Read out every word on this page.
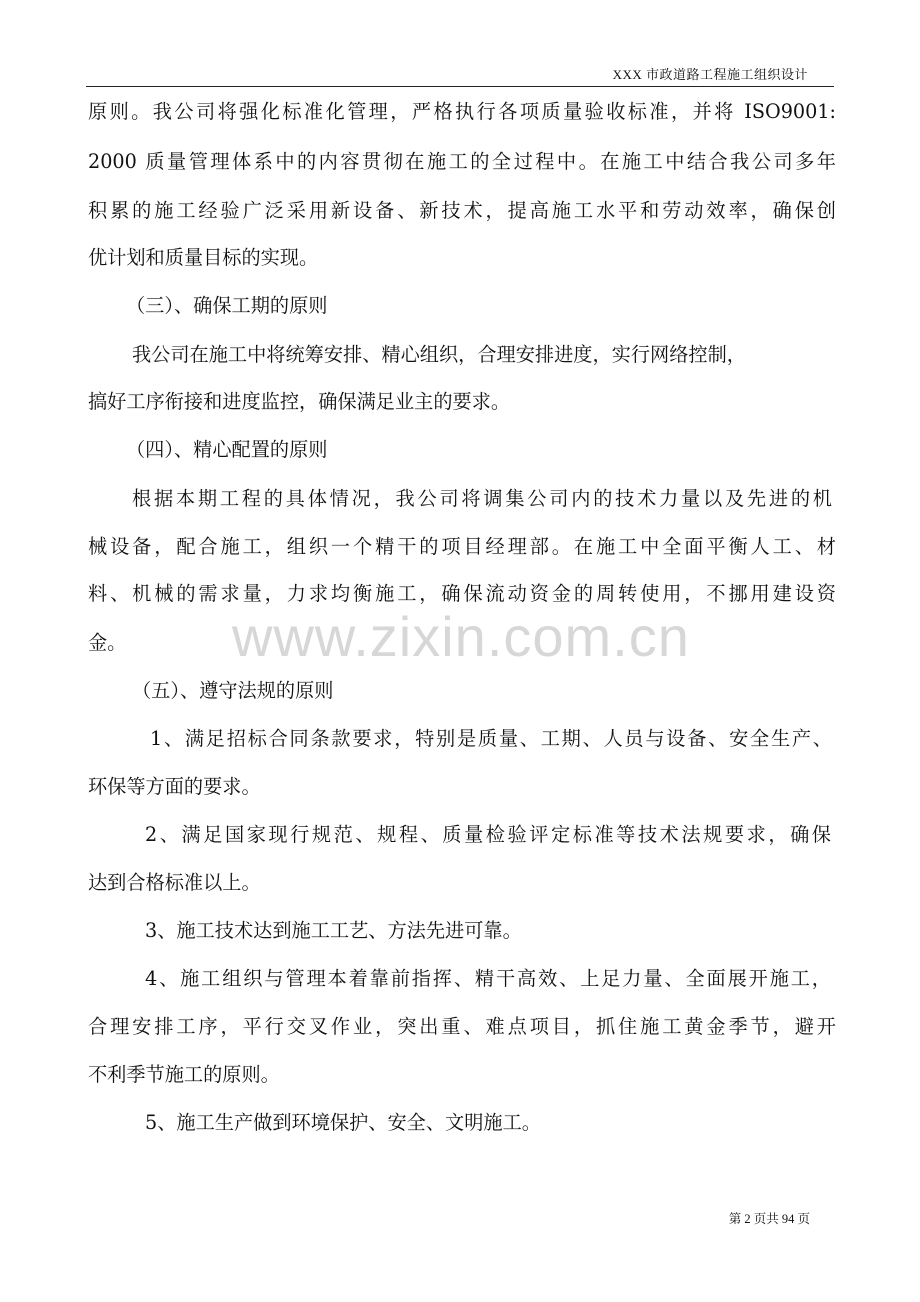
XXX 市政道路工程施工组织设计
原则。我公司将强化标准化管理，严格执行各项质量验收标准，并将 ISO9001:
2000 质量管理体系中的内容贯彻在施工的全过程中。在施工中结合我公司多年
积累的施工经验广泛采用新设备、新技术，提高施工水平和劳动效率，确保创
优计划和质量目标的实现。
（三）、确保工期的原则
我公司在施工中将统筹安排、精心组织，合理安排进度，实行网络控制，
搞好工序衔接和进度监控，确保满足业主的要求。
（四）、精心配置的原则
根据本期工程的具体情况，我公司将调集公司内的技术力量以及先进的机
械设备，配合施工，组织一个精干的项目经理部。在施工中全面平衡人工、材
料、机械的需求量，力求均衡施工，确保流动资金的周转使用，不挪用建设资
金。
（五）、遵守法规的原则
1、满足招标合同条款要求，特别是质量、工期、人员与设备、安全生产、
环保等方面的要求。
2、满足国家现行规范、规程、质量检验评定标准等技术法规要求，确保
达到合格标准以上。
3、施工技术达到施工工艺、方法先进可靠。
4、施工组织与管理本着靠前指挥、精干高效、上足力量、全面展开施工，
合理安排工序，平行交叉作业，突出重、难点项目，抓住施工黄金季节，避开
不利季节施工的原则。
5、施工生产做到环境保护、安全、文明施工。
www.zixin.com.cn
第 2 页共 94 页
